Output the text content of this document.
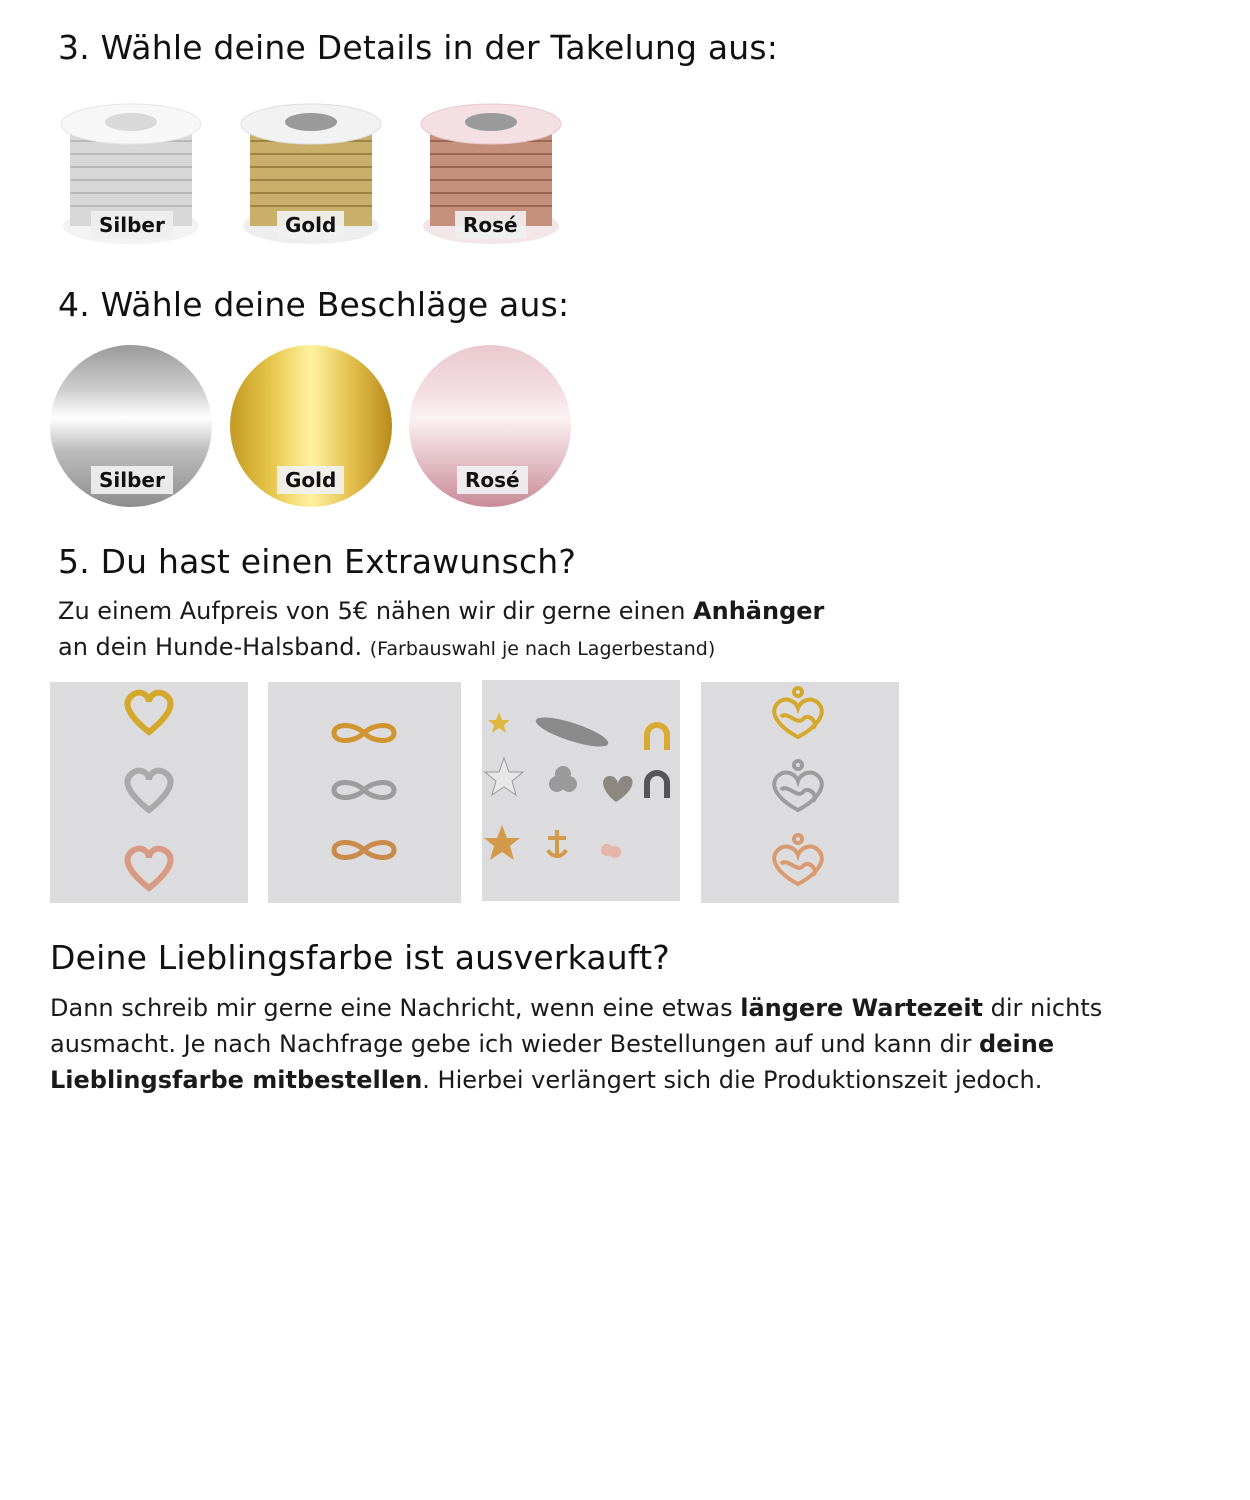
3. Wähle deine Details in der Takelung aus:
Silber	Gold	Rosé
4. Wähle deine Beschläge aus:
Silber	Gold	Rosé
5. Du hast einen Extrawunsch?

Zu einem Aufpreis von 5€ nähen wir dir gerne einen Anhänger

an dein Hunde-Halsband. (Farbauswahl je nach Lagerbestand)

Deine Lieblingsfarbe ist ausverkauft?

Dann schreib mir gerne eine Nachricht, wenn eine etwas längere Wartezeit dir nichts ausmacht. Je nach Nachfrage gebe ich wieder Bestellungen auf und kann dir deine Lieblingsfarbe mitbestellen. Hierbei verlängert sich die Produktionszeit jedoch.
